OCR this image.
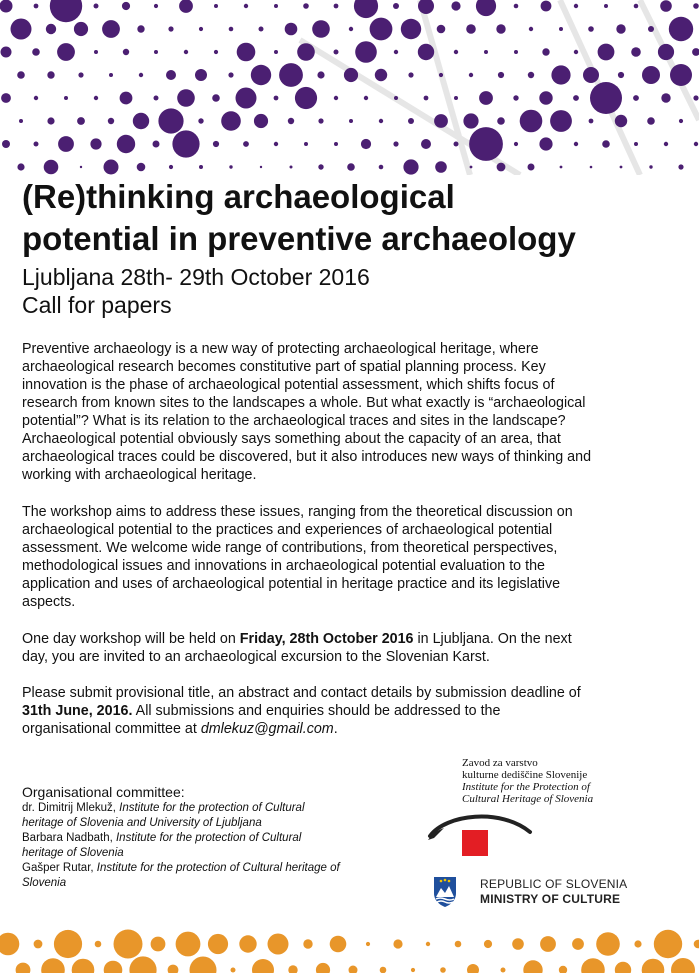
(Re)thinking archaeological
potential in preventive archaeology

Ljubljana 28th- 29th October 2016

Call for papers

Preventive archaeology is a new way of protecting archaeological heritage, where
archaeological research becomes constitutive part of spatial planning process. Key
innovation is the phase of archaeological potential assessment, which shifts focus of
research from known sites to the landscapes a whole. But what exactly is “archaeological
potential”? What is its relation to the archaeological traces and sites in the landscape?
Archaeological potential obviously says something about the capacity of an area, that
archaeological traces could be discovered, but it also introduces new ways of thinking and
working with archaeological heritage.

The workshop aims to address these issues, ranging from the theoretical discussion on
archaeological potential to the practices and experiences of archaeological potential
assessment. We welcome wide range of contributions, from theoretical perspectives,
methodological issues and innovations in archaeological potential evaluation to the
application and uses of archaeological potential in heritage practice and its legislative
aspects.

One day workshop will be held on Friday, 28th October 2016 in Ljubljana. On the next
day, you are invited to an archaeological excursion to the Slovenian Karst.

Please submit provisional title, an abstract and contact details by submission deadline of
31th June, 2016. All submissions and enquiries should be addressed to the
organisational committee at dmlekuz@gmail.com.

Organisational committee:
dr. Dimitrij Mlekuž, Institute for the protection of Cultural
heritage of Slovenia and University of Ljubljana
Barbara Nadbath, Institute for the protection of Cultural
heritage of Slovenia
Gašper Rutar, Institute for the protection of Cultural heritage of
Slovenia
Zavod za varstvo
kulturne dediščine Slovenije
Institute for the Protection of
Cultural Heritage of Slovenia
REPUBLIC OF SLOVENIA
MINISTRY OF CULTURE
